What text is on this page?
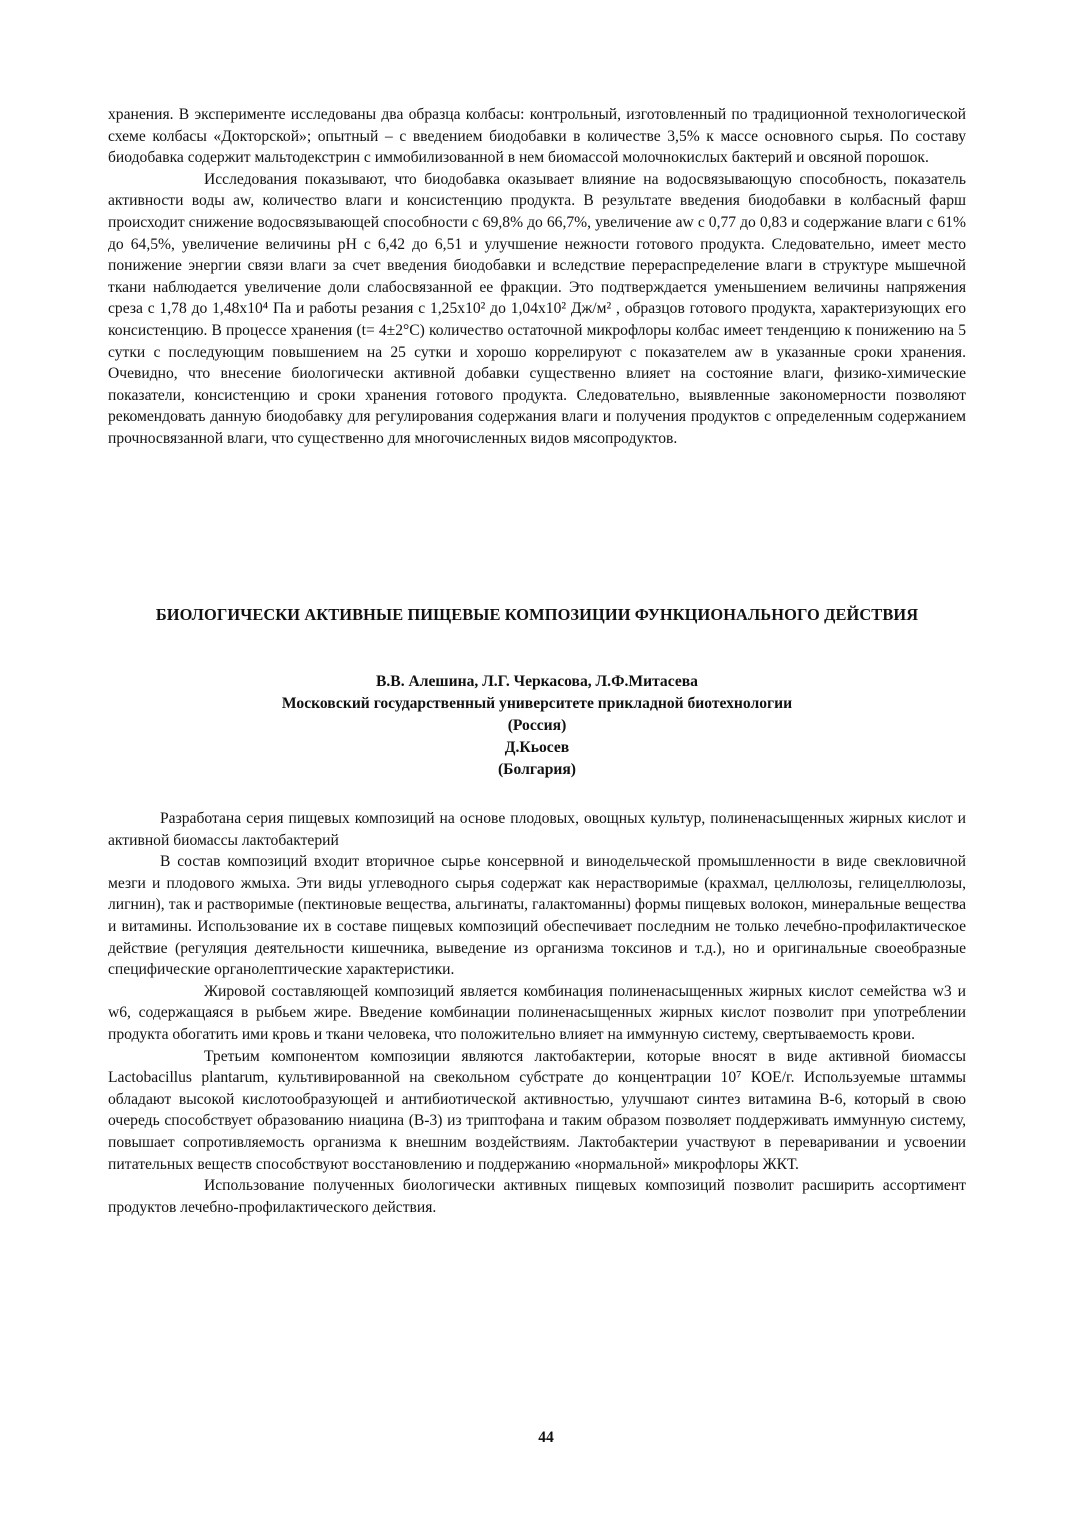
хранения. В эксперименте исследованы два образца колбасы: контрольный, изготовленный по традиционной технологической схеме колбасы «Докторской»; опытный – с введением биодобавки в количестве 3,5% к массе основного сырья. По составу биодобавка содержит мальтодекстрин с иммобилизованной в нем биомассой молочнокислых бактерий и овсяной порошок.

Исследования показывают, что биодобавка оказывает влияние на водосвязывающую способность, показатель активности воды aw, количество влаги и консистенцию продукта. В результате введения биодобавки в колбасный фарш происходит снижение водосвязывающей способности с 69,8% до 66,7%, увеличение aw с 0,77 до 0,83 и содержание влаги с 61% до 64,5%, увеличение величины pH с 6,42 до 6,51 и улучшение нежности готового продукта. Следовательно, имеет место понижение энергии связи влаги за счет введения биодобавки и вследствие перераспределение влаги в структуре мышечной ткани наблюдается увеличение доли слабосвязанной ее фракции. Это подтверждается уменьшением величины напряжения среза с 1,78 до 1,48x10⁴ Па и работы резания с 1,25x10² до 1,04x10² Дж/м² , образцов готового продукта, характеризующих его консистенцию. В процессе хранения (t= 4±2°С) количество остаточной микрофлоры колбас имеет тенденцию к понижению на 5 сутки с последующим повышением на 25 сутки и хорошо коррелируют с показателем aw в указанные сроки хранения. Очевидно, что внесение биологически активной добавки существенно влияет на состояние влаги, физико-химические показатели, консистенцию и сроки хранения готового продукта. Следовательно, выявленные закономерности позволяют рекомендовать данную биодобавку для регулирования содержания влаги и получения продуктов с определенным содержанием прочносвязанной влаги, что существенно для многочисленных видов мясопродуктов.

БИОЛОГИЧЕСКИ АКТИВНЫЕ ПИЩЕВЫЕ КОМПОЗИЦИИ ФУНКЦИОНАЛЬНОГО ДЕЙСТВИЯ
В.В. Алешина, Л.Г. Черкасова, Л.Ф.Митасева
Московский государственный университете прикладной биотехнологии
(Россия)
Д.Кьосев
(Болгария)

Разработана серия пищевых композиций на основе плодовых, овощных культур, полиненасыщенных жирных кислот и активной биомассы лактобактерий

В состав композиций входит вторичное сырье консервной и винодельческой промышленности в виде свекловичной мезги и плодового жмыха. Эти виды углеводного сырья содержат как нерастворимые (крахмал, целлюлозы, гелицеллюлозы, лигнин), так и растворимые (пектиновые вещества, альгинаты, галактоманны) формы пищевых волокон, минеральные вещества и витамины. Использование их в составе пищевых композиций обеспечивает последним не только лечебно-профилактическое действие (регуляция деятельности кишечника, выведение из организма токсинов и т.д.), но и оригинальные своеобразные специфические органолептические характеристики.

Жировой составляющей композиций является комбинация полиненасыщенных жирных кислот семейства w3 и w6, содержащаяся в рыбьем жире. Введение комбинации полиненасыщенных жирных кислот позволит при употреблении продукта обогатить ими кровь и ткани человека, что положительно влияет на иммунную систему, свертываемость крови.

Третьим компонентом композиции являются лактобактерии, которые вносят в виде активной биомассы Lactobacillus plantarum, культивированной на свекольном субстрате до концентрации 10⁷ КОЕ/г. Используемые штаммы обладают высокой кислотообразующей и антибиотической активностью, улучшают синтез витамина В-6, который в свою очередь способствует образованию ниацина (В-3) из триптофана и таким образом позволяет поддерживать иммунную систему, повышает сопротивляемость организма к внешним воздействиям. Лактобактерии участвуют в переваривании и усвоении питательных веществ способствуют восстановлению и поддержанию «нормальной» микрофлоры ЖКТ.

Использование полученных биологически активных пищевых композиций позволит расширить ассортимент продуктов лечебно-профилактического действия.

44
